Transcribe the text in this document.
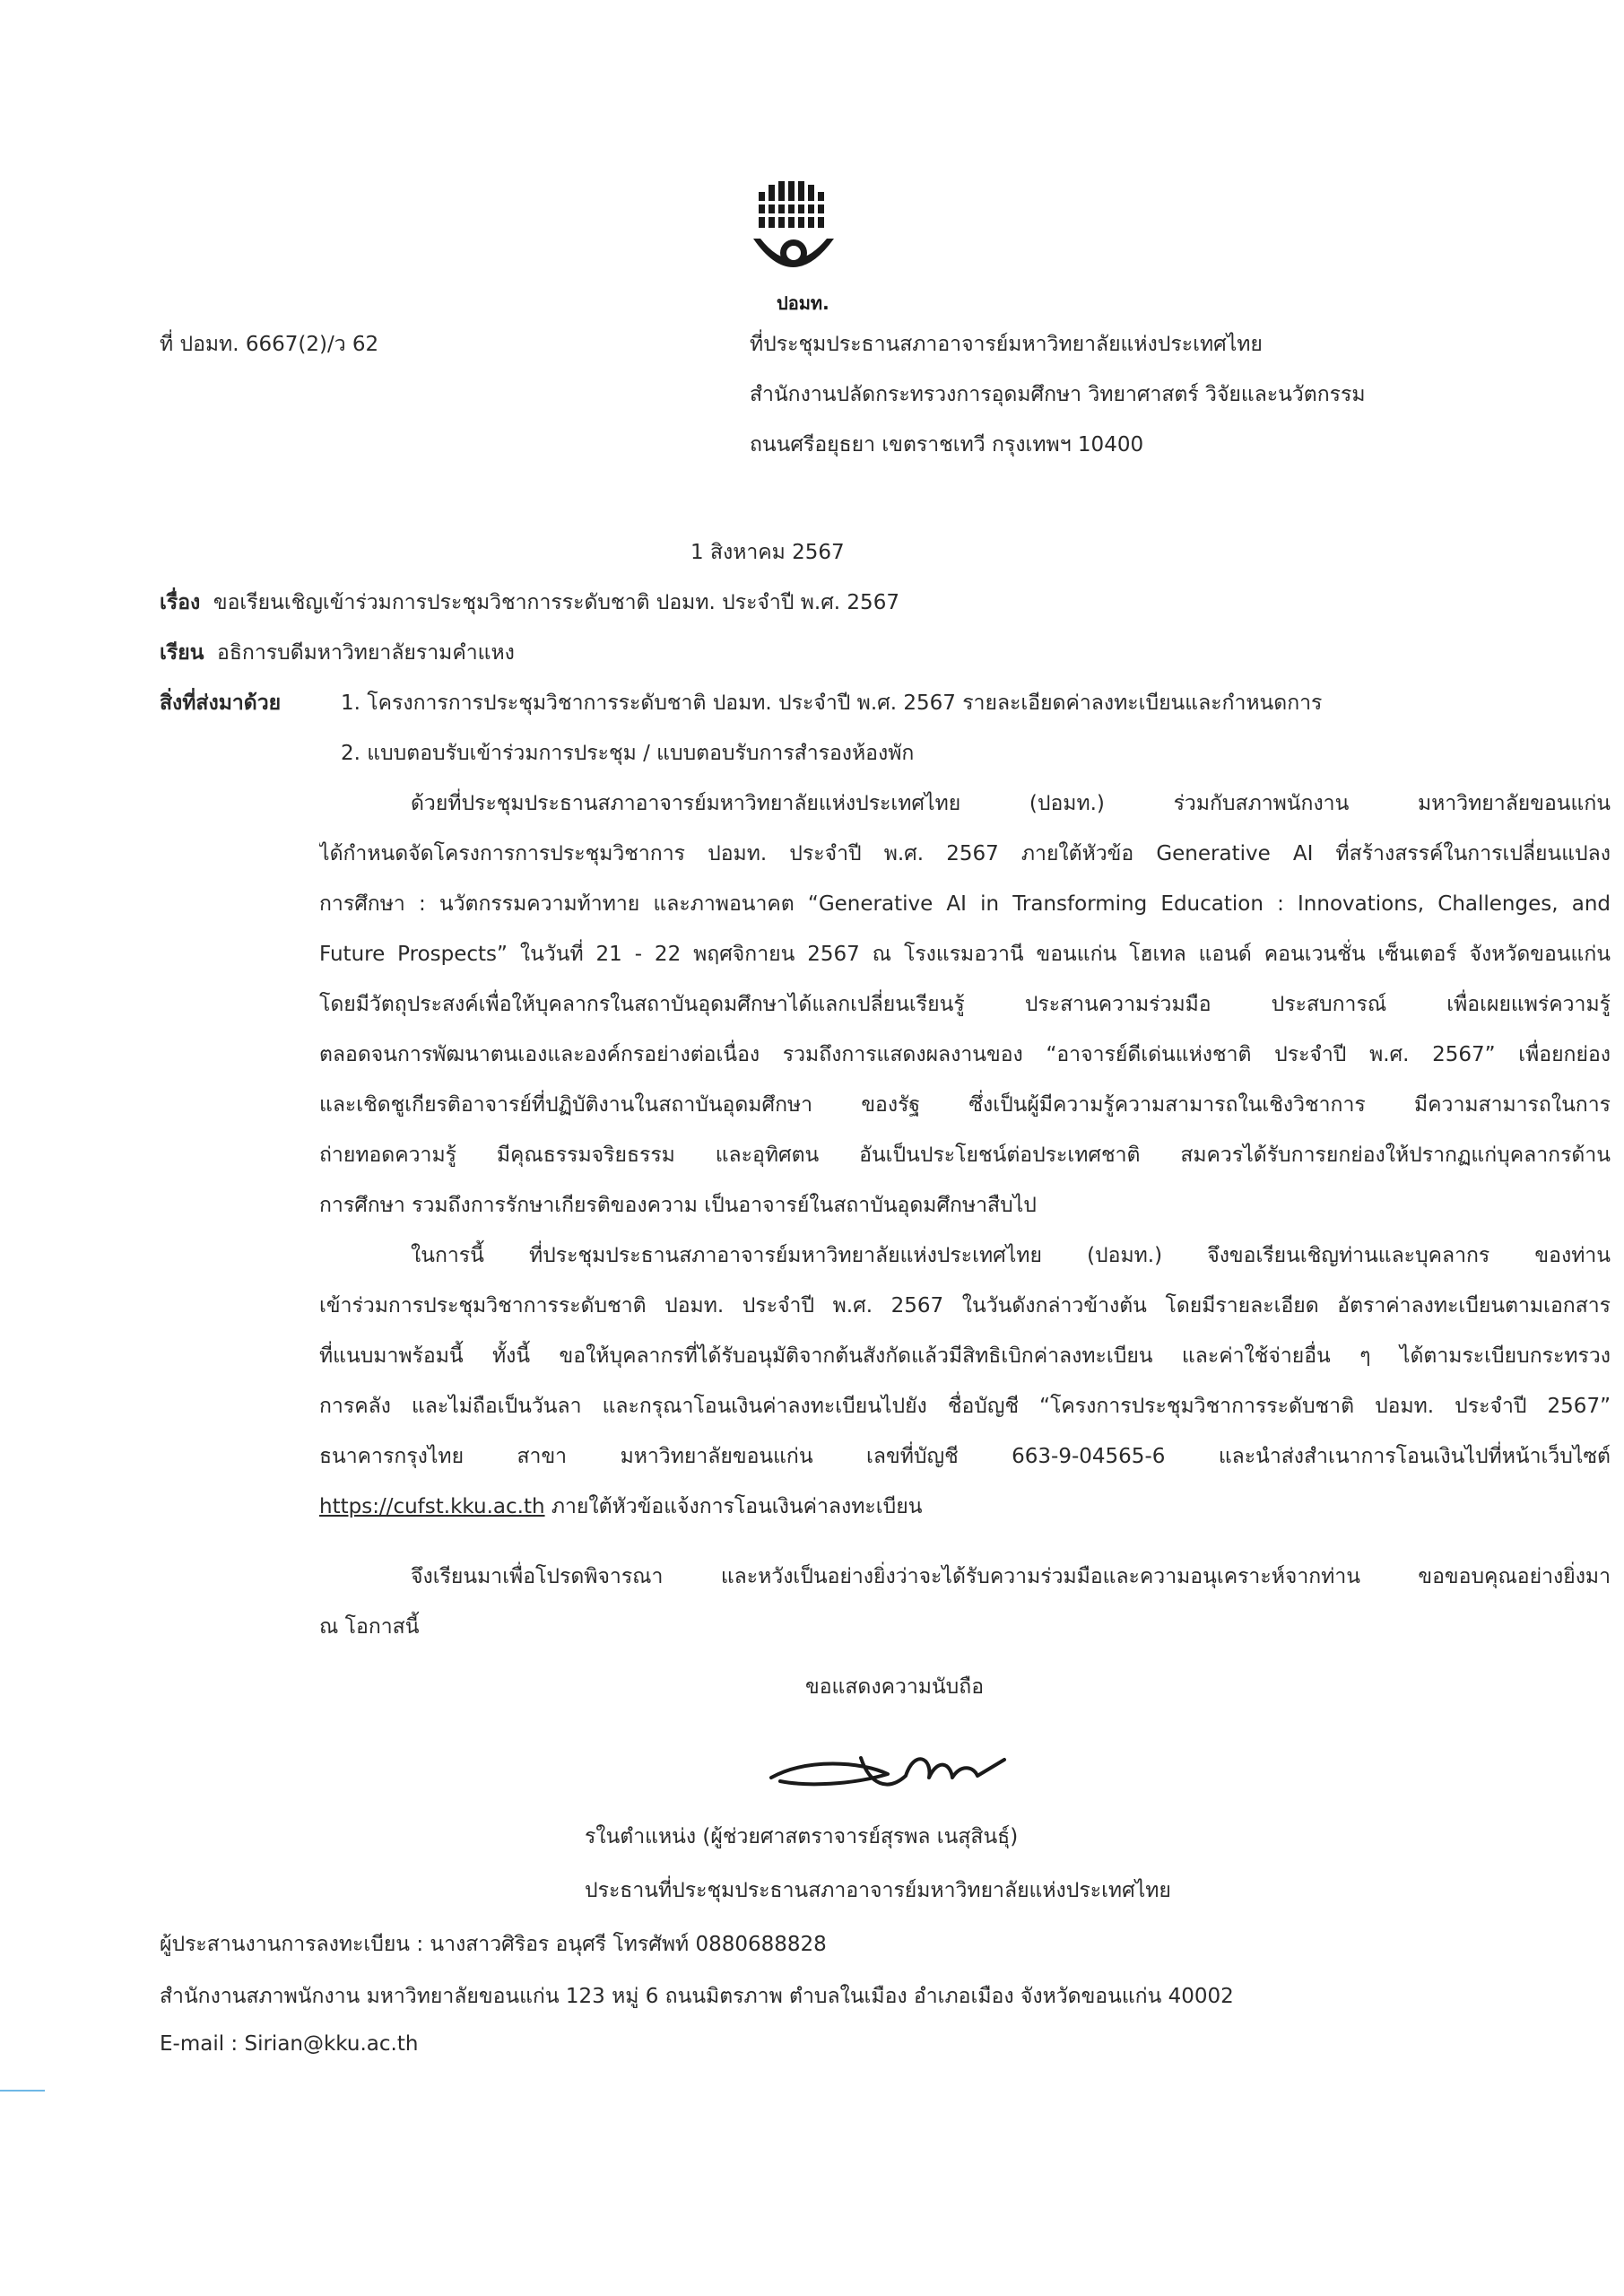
ปอมท.
ที่ ปอมท. 6667(2)/ว 62	ที่ประชุมประธานสภาอาจารย์มหาวิทยาลัยแห่งประเทศไทย
สำนักงานปลัดกระทรวงการอุดมศึกษา วิทยาศาสตร์ วิจัยและนวัตกรรม
ถนนศรีอยุธยา เขตราชเทวี กรุงเทพฯ 10400
1 สิงหาคม 2567
เรื่อง ขอเรียนเชิญเข้าร่วมการประชุมวิชาการระดับชาติ ปอมท. ประจำปี พ.ศ. 2567
เรียน อธิการบดีมหาวิทยาลัยรามคำแหง
สิ่งที่ส่งมาด้วย	1. โครงการการประชุมวิชาการระดับชาติ ปอมท. ประจำปี พ.ศ. 2567 รายละเอียดค่าลงทะเบียนและกำหนดการ
2. แบบตอบรับเข้าร่วมการประชุม / แบบตอบรับการสำรองห้องพัก
ด้วยที่ประชุมประธานสภาอาจารย์มหาวิทยาลัยแห่งประเทศไทย (ปอมท.) ร่วมกับสภาพนักงาน มหาวิทยาลัยขอนแก่น
ได้กำหนดจัดโครงการการประชุมวิชาการ ปอมท. ประจำปี พ.ศ. 2567 ภายใต้หัวข้อ Generative AI ที่สร้างสรรค์ในการเปลี่ยนแปลง
การศึกษา : นวัตกรรมความท้าทาย และภาพอนาคต “Generative AI in Transforming Education : Innovations, Challenges, and
Future Prospects” ในวันที่ 21 - 22 พฤศจิกายน 2567 ณ โรงแรมอวานี ขอนแก่น โฮเทล แอนด์ คอนเวนชั่น เซ็นเตอร์ จังหวัดขอนแก่น
โดยมีวัตถุประสงค์เพื่อให้บุคลากรในสถาบันอุดมศึกษาได้แลกเปลี่ยนเรียนรู้ ประสานความร่วมมือ ประสบการณ์ เพื่อเผยแพร่ความรู้
ตลอดจนการพัฒนาตนเองและองค์กรอย่างต่อเนื่อง รวมถึงการแสดงผลงานของ “อาจารย์ดีเด่นแห่งชาติ ประจำปี พ.ศ. 2567” เพื่อยกย่อง
และเชิดชูเกียรติอาจารย์ที่ปฏิบัติงานในสถาบันอุดมศึกษา ของรัฐ ซึ่งเป็นผู้มีความรู้ความสามารถในเชิงวิชาการ มีความสามารถในการ
ถ่ายทอดความรู้ มีคุณธรรมจริยธรรม และอุทิศตน อันเป็นประโยชน์ต่อประเทศชาติ สมควรได้รับการยกย่องให้ปรากฏแก่บุคลากรด้าน
การศึกษา รวมถึงการรักษาเกียรติของความ เป็นอาจารย์ในสถาบันอุดมศึกษาสืบไป
ในการนี้ ที่ประชุมประธานสภาอาจารย์มหาวิทยาลัยแห่งประเทศไทย (ปอมท.) จึงขอเรียนเชิญท่านและบุคลากร ของท่าน
เข้าร่วมการประชุมวิชาการระดับชาติ ปอมท. ประจำปี พ.ศ. 2567 ในวันดังกล่าวข้างต้น โดยมีรายละเอียด อัตราค่าลงทะเบียนตามเอกสาร
ที่แนบมาพร้อมนี้ ทั้งนี้ ขอให้บุคลากรที่ได้รับอนุมัติจากต้นสังกัดแล้วมีสิทธิเบิกค่าลงทะเบียน และค่าใช้จ่ายอื่น ๆ ได้ตามระเบียบกระทรวง
การคลัง และไม่ถือเป็นวันลา และกรุณาโอนเงินค่าลงทะเบียนไปยัง ชื่อบัญชี “โครงการประชุมวิชาการระดับชาติ ปอมท. ประจำปี 2567”
ธนาคารกรุงไทย สาขา มหาวิทยาลัยขอนแก่น เลขที่บัญชี 663-9-04565-6 และนำส่งสำเนาการโอนเงินไปที่หน้าเว็บไซต์
https://cufst.kku.ac.th ภายใต้หัวข้อแจ้งการโอนเงินค่าลงทะเบียน
จึงเรียนมาเพื่อโปรดพิจารณา และหวังเป็นอย่างยิ่งว่าจะได้รับความร่วมมือและความอนุเคราะห์จากท่าน ขอขอบคุณอย่างยิ่งมา
ณ โอกาสนี้
ขอแสดงความนับถือ
รในตำแหน่ง (ผู้ช่วยศาสตราจารย์สุรพล เนสุสินธุ์)
ประธานที่ประชุมประธานสภาอาจารย์มหาวิทยาลัยแห่งประเทศไทย
ผู้ประสานงานการลงทะเบียน : นางสาวศิริอร อนุศรี โทรศัพท์ 0880688828
สำนักงานสภาพนักงาน มหาวิทยาลัยขอนแก่น 123 หมู่ 6 ถนนมิตรภาพ ตำบลในเมือง อำเภอเมือง จังหวัดขอนแก่น 40002
E-mail : Sirian@kku.ac.th
